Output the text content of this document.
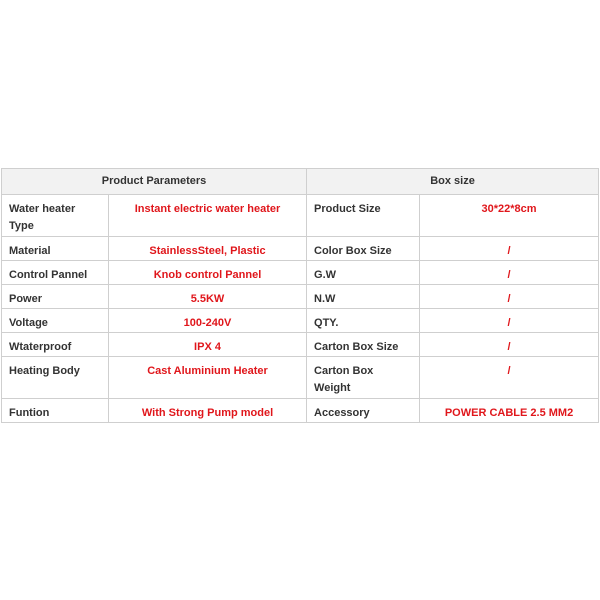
Product Parameters		Box size	
Water heater Type	Instant electric water heater	Product Size	30*22*8cm
Material	StainlessSteel, Plastic	Color Box Size	/
Control Pannel	Knob control Pannel	G.W	/
Power	5.5KW	N.W	/
Voltage	100-240V	QTY.	/
Wtaterproof	IPX 4	Carton Box Size	/
Heating Body	Cast Aluminium Heater	Carton Box Weight	/
Funtion	With Strong Pump model	Accessory	POWER CABLE 2.5 MM2
